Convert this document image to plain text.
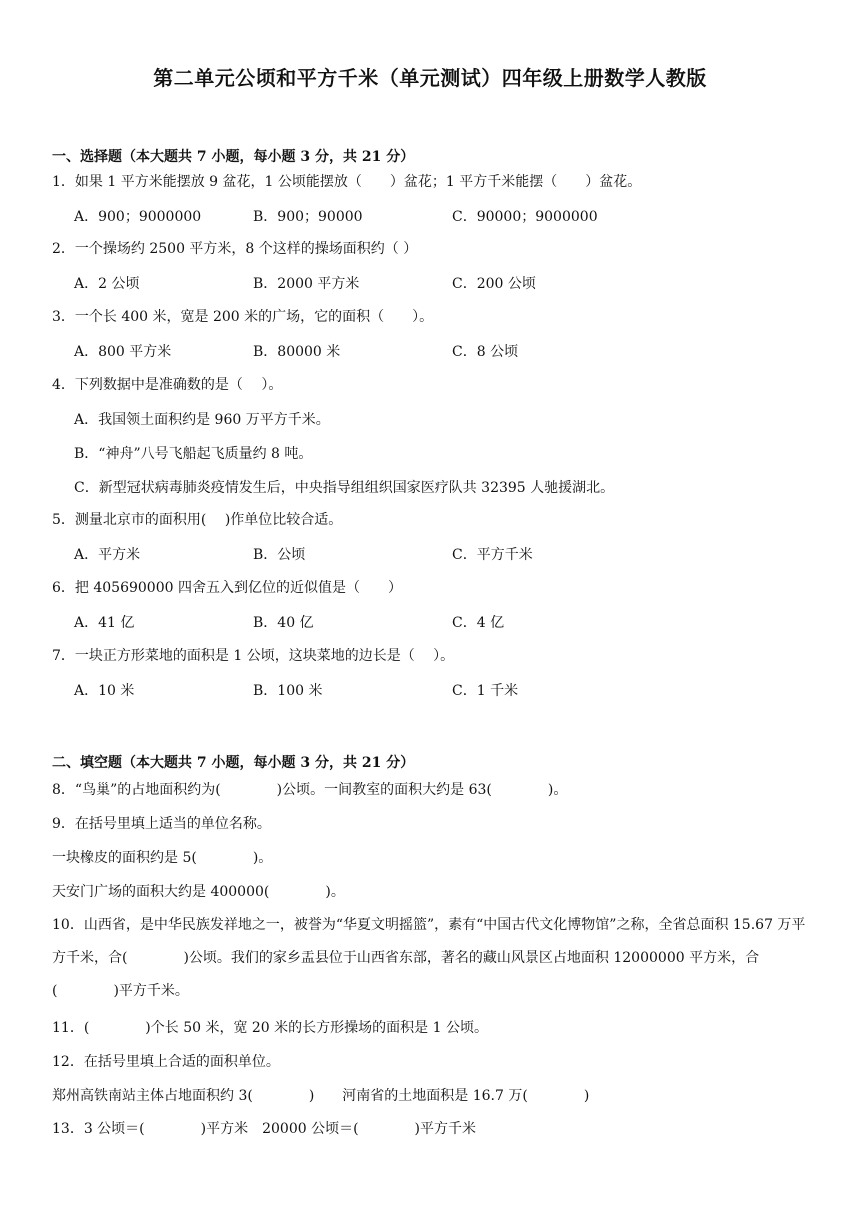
第二单元公顷和平方千米（单元测试）四年级上册数学人教版
一、选择题（本大题共 7 小题，每小题 3 分，共 21 分）
1．如果 1 平方米能摆放 9 盆花，1 公顷能摆放（　　）盆花；1 平方千米能摆（　　）盆花。
A．900；9000000	B．900；90000	C．90000；9000000
2．一个操场约 2500 平方米，8 个这样的操场面积约（ ）
A．2 公顷	B．2000 平方米	C．200 公顷
3．一个长 400 米，宽是 200 米的广场，它的面积（　　）。
A．800 平方米	B．80000 米	C．8 公顷
4．下列数据中是准确数的是（　 ）。
A．我国领土面积约是 960 万平方千米。
B．“神舟”八号飞船起飞质量约 8 吨。
C．新型冠状病毒肺炎疫情发生后，中央指导组组织国家医疗队共 32395 人驰援湖北。
5．测量北京市的面积用(　 )作单位比较合适。
A．平方米	B．公顷	C．平方千米
6．把 405690000 四舍五入到亿位的近似值是（　　）
A．41 亿	B．40 亿	C．4 亿
7．一块正方形菜地的面积是 1 公顷，这块菜地的边长是（　 ）。
A．10 米	B．100 米	C．1 千米
二、填空题（本大题共 7 小题，每小题 3 分，共 21 分）
8．“鸟巢”的占地面积约为(　　　　)公顷。一间教室的面积大约是 63(　　　　)。
9．在括号里填上适当的单位名称。
一块橡皮的面积约是 5(　　　　)。
天安门广场的面积大约是 400000(　　　　)。
10．山西省，是中华民族发祥地之一，被誉为“华夏文明摇篮”，素有“中国古代文化博物馆”之称，全省总面积 15.67 万平方千米，合(　　　　)公顷。我们的家乡盂县位于山西省东部，著名的藏山风景区占地面积 12000000 平方米，合(　　　　)平方千米。
11．(　　　　)个长 50 米，宽 20 米的长方形操场的面积是 1 公顷。
12．在括号里填上合适的面积单位。
郑州高铁南站主体占地面积约 3(　　　　)　　河南省的土地面积是 16.7 万(　　　　)
13．3 公顷＝(　　　　)平方米　20000 公顷＝(　　　　)平方千米
